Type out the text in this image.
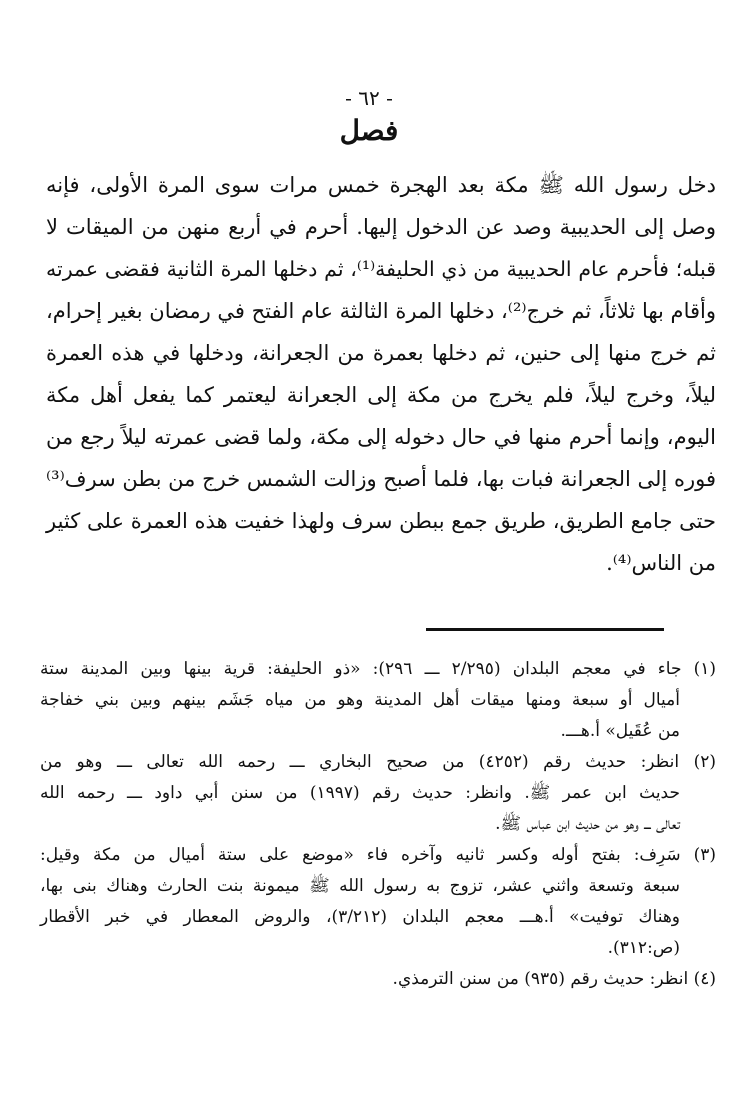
- ٦٢ -
فصل
دخل رسول الله ﷺ مكة بعد الهجرة خمس مرات سوى المرة الأولى، فإنه
وصل إلى الحديبية وصد عن الدخول إليها. أحرم في أربع منهن من الميقات لا
قبله؛ فأحرم عام الحديبية من ذي الحليفة⁽¹⁾، ثم دخلها المرة الثانية فقضى عمرته
وأقام بها ثلاثاً، ثم خرج⁽²⁾، دخلها المرة الثالثة عام الفتح في رمضان بغير إحرام،
ثم خرج منها إلى حنين، ثم دخلها بعمرة من الجعرانة، ودخلها في هذه العمرة
ليلاً، وخرج ليلاً، فلم يخرج من مكة إلى الجعرانة ليعتمر كما يفعل أهل مكة
اليوم، وإنما أحرم منها في حال دخوله إلى مكة، ولما قضى عمرته ليلاً رجع من
فوره إلى الجعرانة فبات بها، فلما أصبح وزالت الشمس خرج من بطن سرف⁽³⁾
حتى جامع الطريق، طريق جمع ببطن سرف ولهذا خفيت هذه العمرة على كثير
من الناس⁽⁴⁾.
(١) جاء في معجم البلدان (٢/٢٩٥ ـــ ٢٩٦): «ذو الحليفة: قرية بينها وبين المدينة ستة
أميال أو سبعة ومنها ميقات أهل المدينة وهو من مياه جَشَم بينهم وبين بني خفاجة
من عُقَيل» أ.هـــ.
(٢) انظر: حديث رقم (٤٢٥٢) من صحيح البخاري ـــ رحمه الله تعالى ـــ وهو من
حديث ابن عمر ﷺ. وانظر: حديث رقم (١٩٩٧) من سنن أبي داود ـــ رحمه الله
تعالى ـــ وهو من حديث ابن عباس ﷺ.
(٣) سَرِف: بفتح أوله وكسر ثانيه وآخره فاء «موضع على ستة أميال من مكة وقيل:
سبعة وتسعة واثني عشر، تزوج به رسول الله ﷺ ميمونة بنت الحارث وهناك بنى بها،
وهناك توفيت» أ.هـــ معجم البلدان (٣/٢١٢)، والروض المعطار في خبر الأقطار
(ص:٣١٢).
(٤) انظر: حديث رقم (٩٣٥) من سنن الترمذي.
